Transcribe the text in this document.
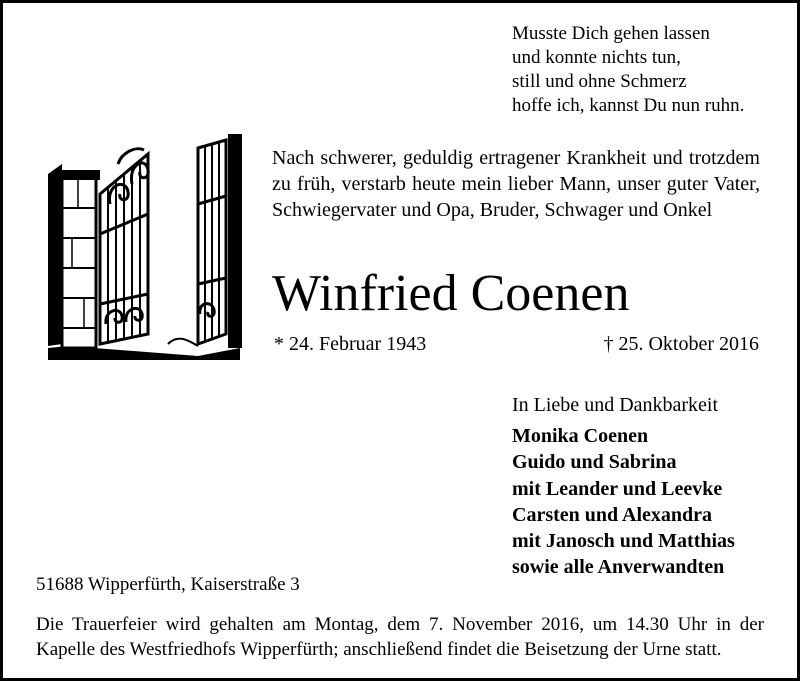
Musste Dich gehen lassen
und konnte nichts tun,
still und ohne Schmerz
hoffe ich, kannst Du nun ruhn.
Nach schwerer, geduldig ertragener Krankheit und trotzdem zu früh, verstarb heute mein lieber Mann, unser guter Vater, Schwiegervater und Opa, Bruder, Schwager und Onkel
Winfried Coenen
* 24. Februar 1943	† 25. Oktober 2016
In Liebe und Dankbarkeit
Monika Coenen
Guido und Sabrina
mit Leander und Leevke
Carsten und Alexandra
mit Janosch und Matthias
sowie alle Anverwandten
51688 Wipperfürth, Kaiserstraße 3
Die Trauerfeier wird gehalten am Montag, dem 7. November 2016, um 14.30 Uhr in der Kapelle des Westfriedhofs Wipperfürth; anschließend findet die Beisetzung der Urne statt.
